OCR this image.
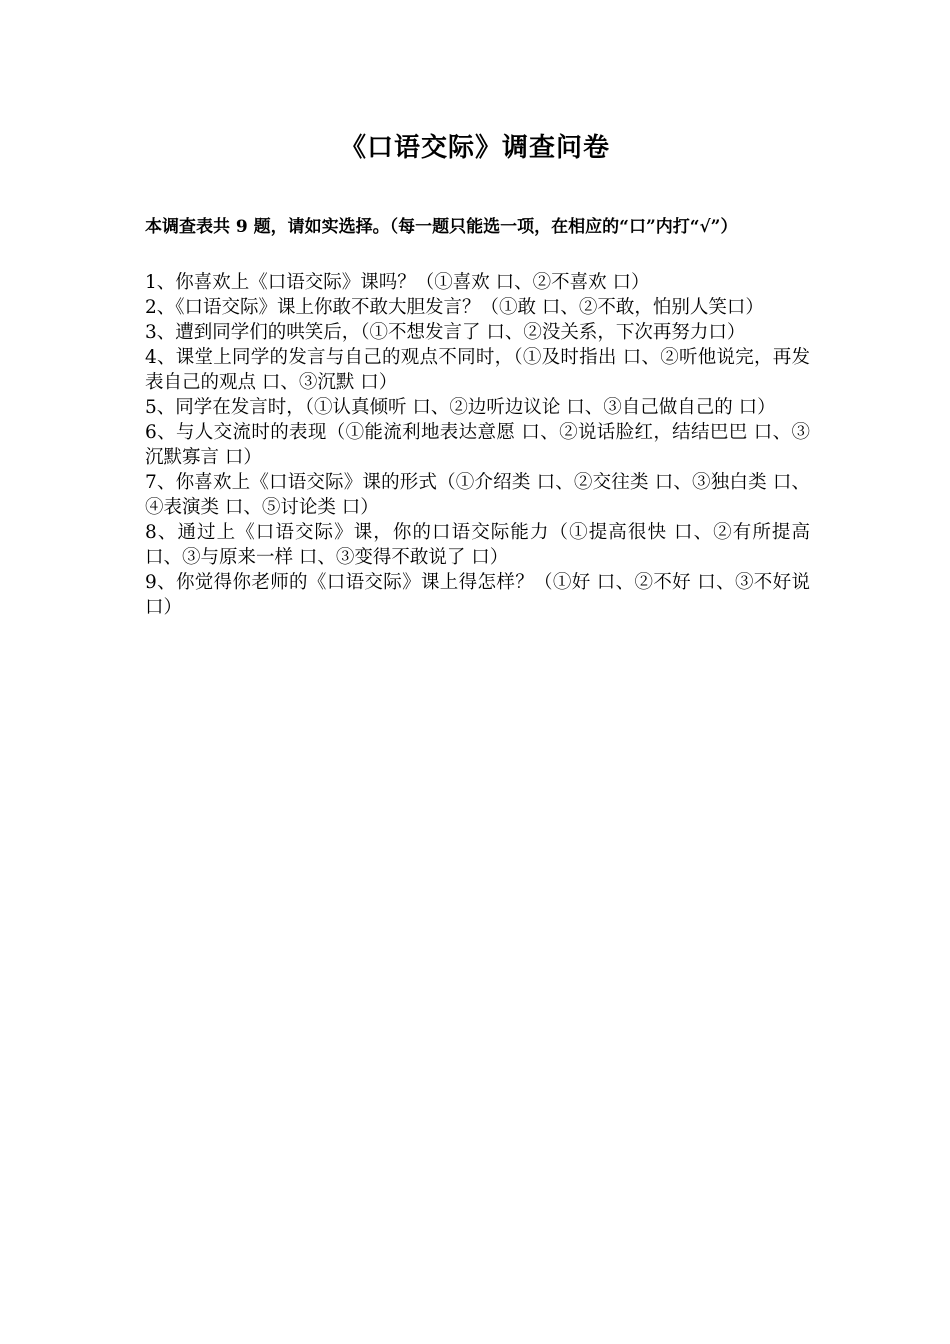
《口语交际》调查问卷
本调查表共 9 题，请如实选择。（每一题只能选一项，在相应的“口”内打“√”）

1、你喜欢上《口语交际》课吗？（①喜欢 口、②不喜欢 口）

2、《口语交际》课上你敢不敢大胆发言？（①敢 口、②不敢，怕别人笑口）

3、遭到同学们的哄笑后，（①不想发言了 口、②没关系，下次再努力口）

4、课堂上同学的发言与自己的观点不同时，（①及时指出 口、②听他说完，再发表自己的观点 口、③沉默 口）

5、同学在发言时，（①认真倾听 口、②边听边议论 口、③自己做自己的 口）

6、与人交流时的表现（①能流利地表达意愿 口、②说话脸红，结结巴巴 口、③沉默寡言 口）

7、你喜欢上《口语交际》课的形式（①介绍类 口、②交往类 口、③独白类 口、④表演类 口、⑤讨论类 口）

8、通过上《口语交际》课，你的口语交际能力（①提高很快 口、②有所提高 口、③与原来一样 口、③变得不敢说了 口）

9、你觉得你老师的《口语交际》课上得怎样？（①好 口、②不好 口、③不好说 口）
